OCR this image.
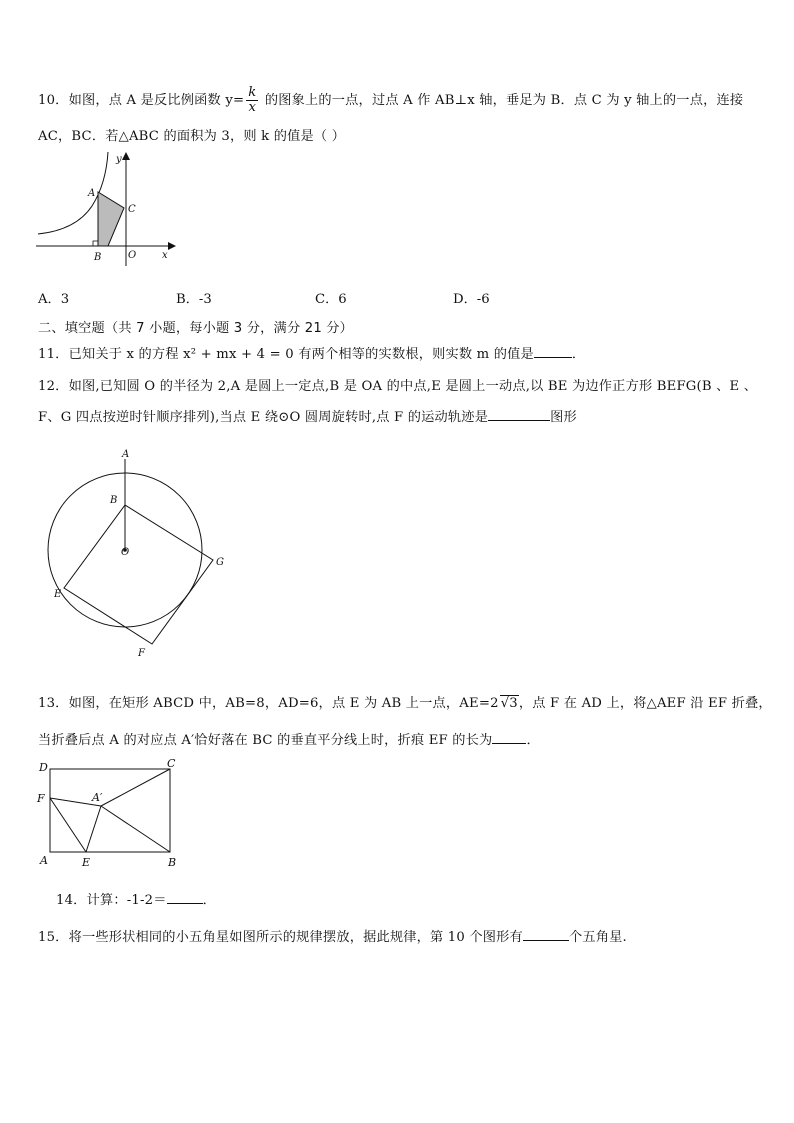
10．如图，点 A 是反比例函数 $y= \frac{k}{x}$ 的图象上的一点，过点 A 作 AB⊥x 轴，垂足为 B．点 C 为 y 轴上的一点，连接
AC，BC．若△ABC 的面积为 3，则 k 的值是（ ）
y
A
C
B	O	x
A．3	B．-3	C．6	D．-6
二、填空题（共 7 小题，每小题 3 分，满分 21 分）
11．已知关于 x 的方程 x² + mx + 4 = 0 有两个相等的实数根，则实数 m 的值是	．
12．如图,已知圆 O 的半径为 2,A 是圆上一定点,B 是 OA 的中点,E 是圆上一动点,以 BE 为边作正方形 BEFG(B 、E 、
F、G 四点按逆时针顺序排列),当点 E 绕⊙O 圆周旋转时,点 F 的运动轨迹是	图形
A
B
O
G
E
F
13．如图，在矩形 ABCD 中，AB=8，AD=6，点 E 为 AB 上一点，AE=2 √3，点 F 在 AD 上，将△AEF 沿 EF 折叠，
当折叠后点 A 的对应点 A′恰好落在 BC 的垂直平分线上时，折痕 EF 的长为	．
D	C
F	A′
A	E	B
14．计算：-1-2＝	．
15．将一些形状相同的小五角星如图所示的规律摆放，据此规律，第 10 个图形有	个五角星.
